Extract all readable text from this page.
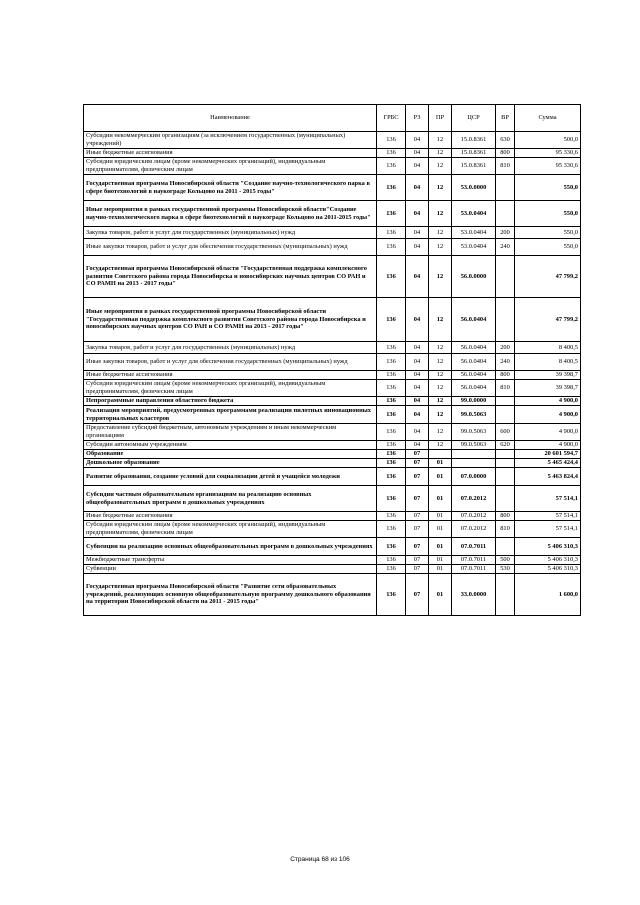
Наименование	ГРБС	РЗ	ПР	ЦСР	ВР	Сумма
Субсидии некоммерческим организациям (за исключением государственных (муниципальных) учреждений)	136	04	12	15.0.8361	630	500,0
Иные бюджетные ассигнования	136	04	12	15.0.8361	800	95 330,6
Субсидии юридическим лицам (кроме некоммерческих организаций), индивидуальным предпринимателям, физическим лицам	136	04	12	15.0.8361	810	95 330,6
Государственная программа Новосибирской области "Создание научно-технологического парка в сфере биотехнологий в наукограде Кольцово на 2011 - 2015 годы"	136	04	12	53.0.0000		550,0
Иные мероприятия в рамках государственной программы Новосибирской области"Создание научно-технологического парка в сфере биотехнологий в наукограде Кольцово на 2011-2015 годы"	136	04	12	53.0.0404		550,0
Закупка товаров, работ и услуг для государственных (муниципальных) нужд	136	04	12	53.0.0404	200	550,0
Иные закупки товаров, работ и услуг для обеспечения государственных (муниципальных) нужд	136	04	12	53.0.0404	240	550,0
Государственная программа Новосибирской области "Государственная поддержка комплексного развития Советского района города Новосибирска и новосибирских научных центров СО РАН и СО РАМН на 2013 - 2017 годы"	136	04	12	56.0.0000		47 799,2
Иные мероприятия в рамках государственной программы Новосибирской области "Государственная поддержка комплексного развития Советского района города Новосибирска и новосибирских научных центров СО РАН и СО РАМН на 2013 - 2017 годы"	136	04	12	56.0.0404		47 799,2
Закупка товаров, работ и услуг для государственных (муниципальных) нужд	136	04	12	56.0.0404	200	8 400,5
Иные закупки товаров, работ и услуг для обеспечения государственных (муниципальных) нужд	136	04	12	56.0.0404	240	8 400,5
Иные бюджетные ассигнования	136	04	12	56.0.0404	800	39 398,7
Субсидии юридическим лицам (кроме некоммерческих организаций), индивидуальным предпринимателям, физическим лицам	136	04	12	56.0.0404	810	39 398,7
Непрограммные направления областного бюджета	136	04	12	99.0.0000		4 900,0
Реализация мероприятий, предусмотренных программами реализации пилотных инновационных территориальных кластеров	136	04	12	99.0.5063		4 900,0
Предоставление субсидий бюджетным, автономным учреждениям и иным некоммерческим организациям	136	04	12	99.0.5063	600	4 900,0
Субсидии автономным учреждениям	136	04	12	99.0.5063	620	4 900,0
Образование	136	07				20 601 594,7
Дошкольное образование	136	07	01			5 465 424,4
Развитие образования, создание условий для социализации детей и учащейся молодежи	136	07	01	07.0.0000		5 463 824,4
Субсидии частным образовательным организациям на реализацию основных общеобразовательных программ в дошкольных учреждениях	136	07	01	07.0.2012		57 514,1
Иные бюджетные ассигнования	136	07	01	07.0.2012	800	57 514,1
Субсидии юридическим лицам (кроме некоммерческих организаций), индивидуальным предпринимателям, физическим лицам	136	07	01	07.0.2012	810	57 514,1
Субвенции на реализацию основных общеобразовательных программ в дошкольных учреждениях	136	07	01	07.0.7011		5 406 310,3
Межбюджетные трансферты	136	07	01	07.0.7011	500	5 406 310,3
Субвенции	136	07	01	07.0.7011	530	5 406 310,3
Государственная программа Новосибирской области "Развитие сети образовательных учреждений, реализующих основную общеобразовательную программу дошкольного образования на территории Новосибирской области на 2011 - 2015 годы"	136	07	01	33.0.0000		1 600,0
Страница 68 из 106
